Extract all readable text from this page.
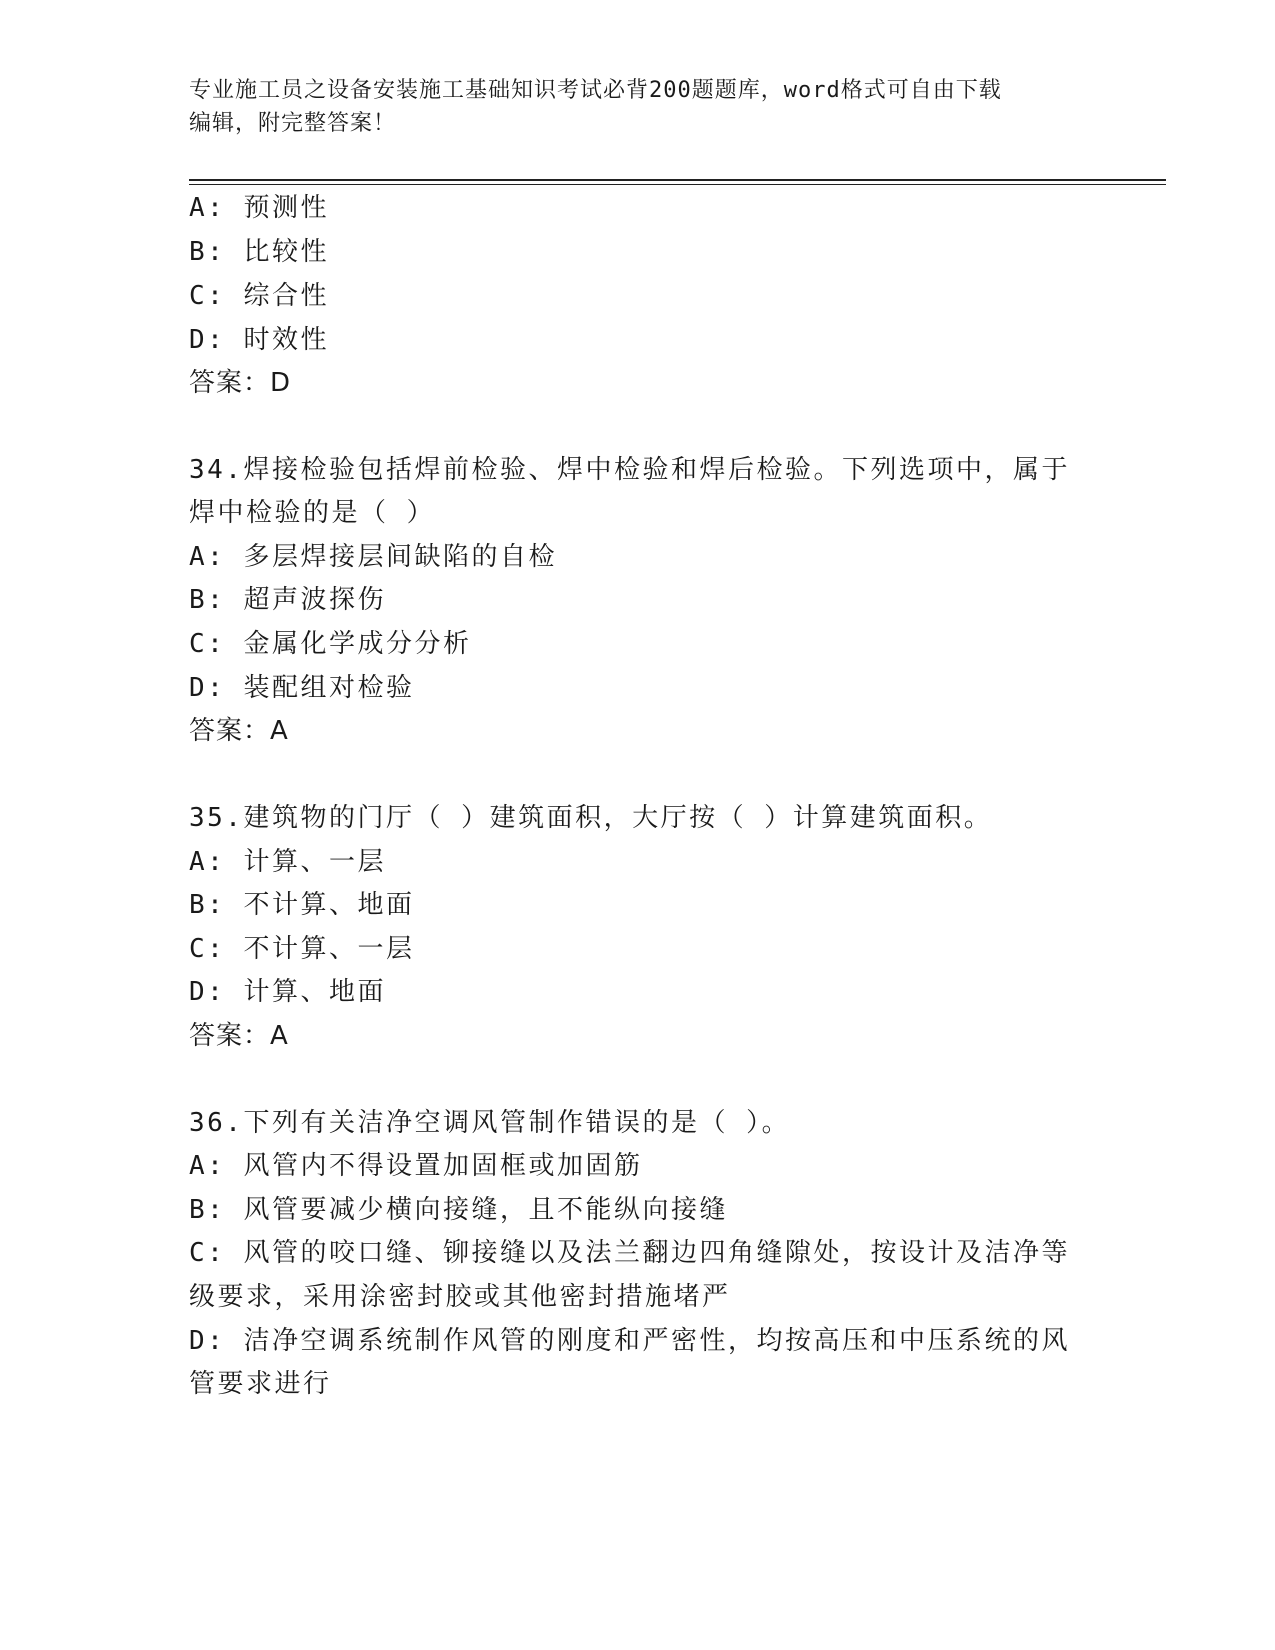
专业施工员之设备安装施工基础知识考试必背200题题库，word格式可自由下载
编辑，附完整答案！
A: 预测性
B: 比较性
C: 综合性
D: 时效性
答案：D
34.焊接检验包括焊前检验、焊中检验和焊后检验。下列选项中，属于
焊中检验的是（ ）
A: 多层焊接层间缺陷的自检
B: 超声波探伤
C: 金属化学成分分析
D: 装配组对检验
答案：A
35.建筑物的门厅（ ）建筑面积，大厅按（ ）计算建筑面积。
A: 计算、一层
B: 不计算、地面
C: 不计算、一层
D: 计算、地面
答案：A
36.下列有关洁净空调风管制作错误的是（ ）。
A: 风管内不得设置加固框或加固筋
B: 风管要减少横向接缝，且不能纵向接缝
C: 风管的咬口缝、铆接缝以及法兰翻边四角缝隙处，按设计及洁净等
级要求，采用涂密封胶或其他密封措施堵严
D: 洁净空调系统制作风管的刚度和严密性，均按高压和中压系统的风
管要求进行
